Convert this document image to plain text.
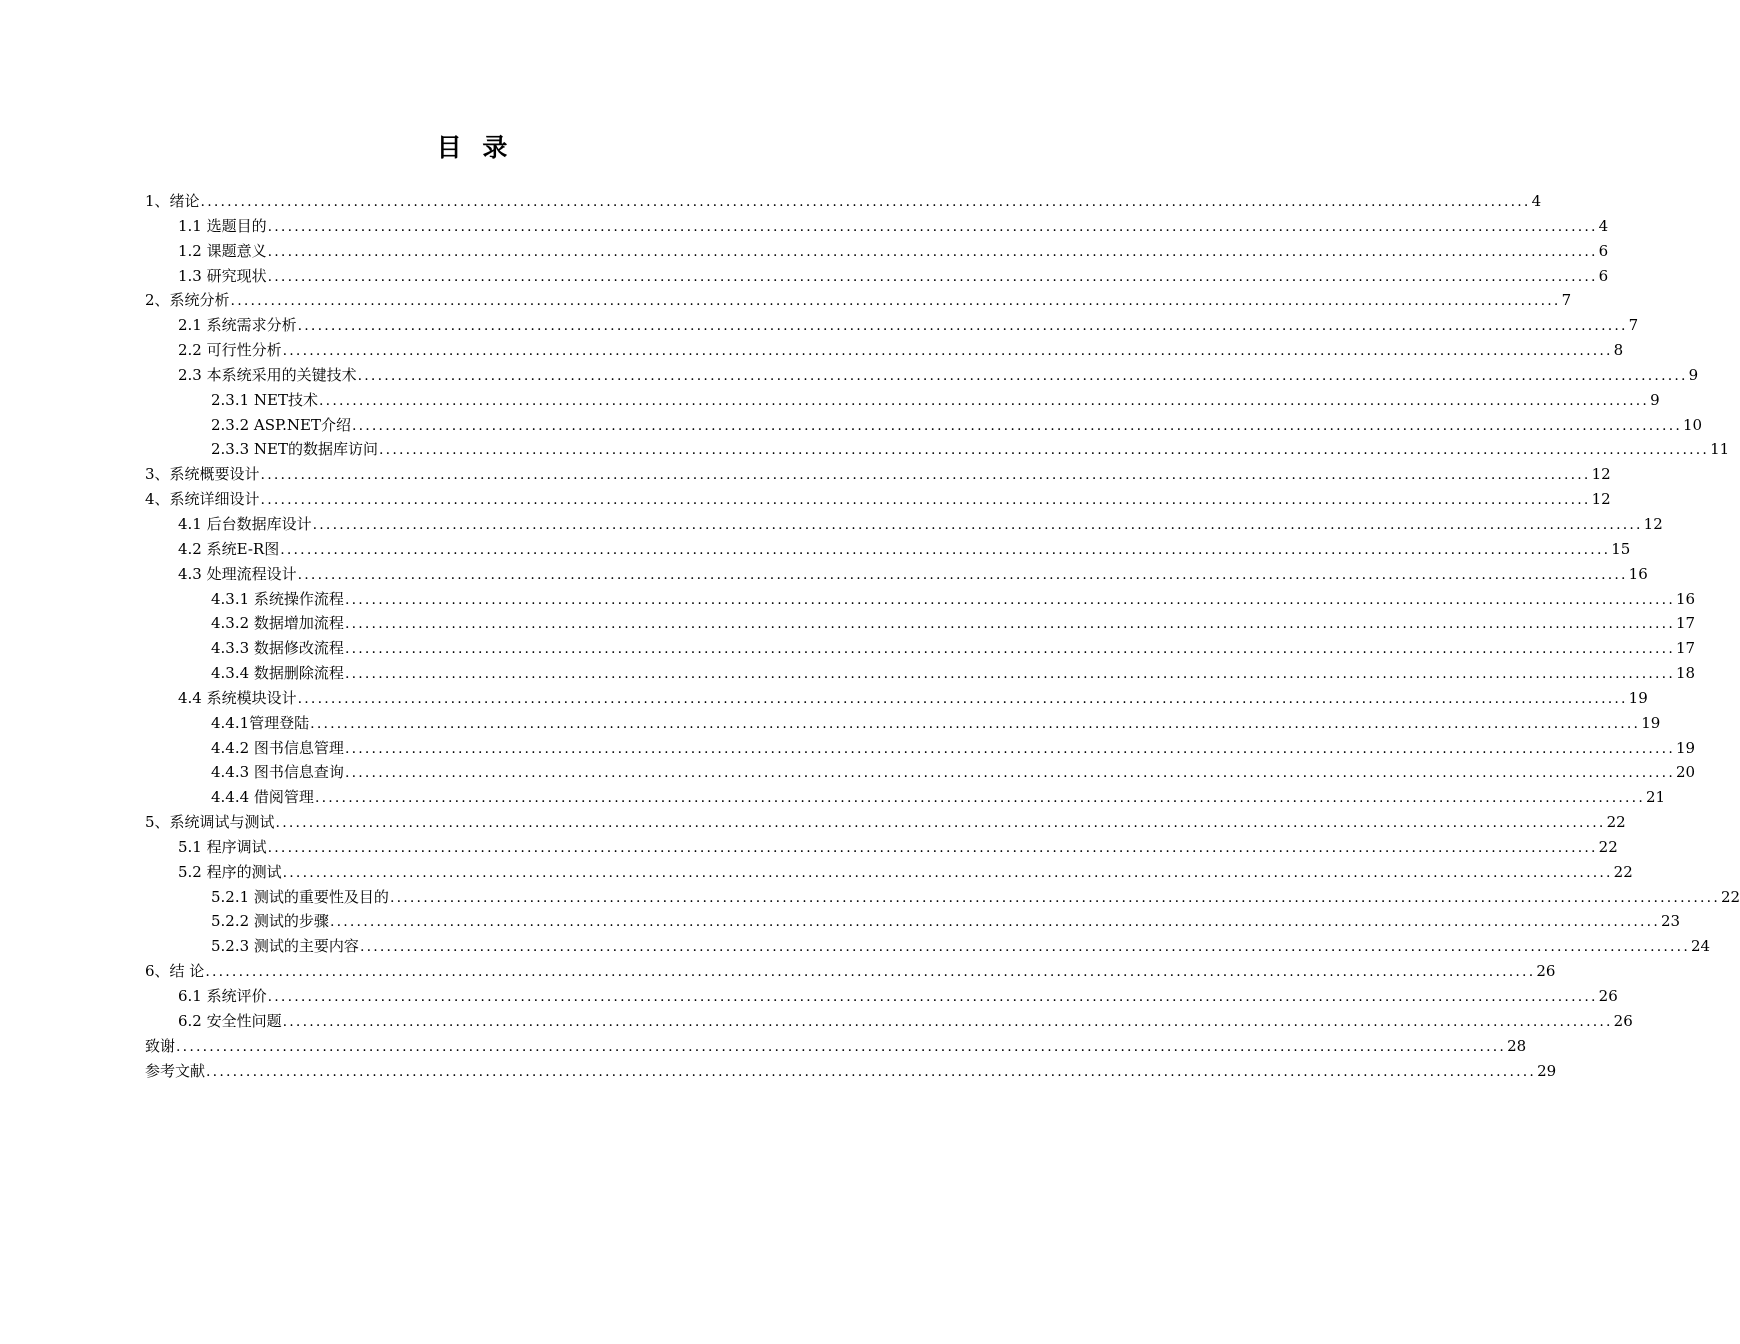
目 录
1、绪论 ........................................................................................................................................................................................................ 4
1.1 选题目的 ........................................................................................................................................................................................................ 4
1.2 课题意义 ........................................................................................................................................................................................................ 6
1.3 研究现状 ........................................................................................................................................................................................................ 6
2、系统分析 ........................................................................................................................................................................................................ 7
2.1 系统需求分析 ........................................................................................................................................................................................................ 7
2.2 可行性分析 ........................................................................................................................................................................................................ 8
2.3 本系统采用的关键技术 ........................................................................................................................................................................................................ 9
2.3.1 NET技术 ........................................................................................................................................................................................................ 9
2.3.2 ASP.NET介绍 ........................................................................................................................................................................................................ 10
2.3.3 NET的数据库访问 ........................................................................................................................................................................................................ 11
3、系统概要设计 ........................................................................................................................................................................................................ 12
4、系统详细设计 ........................................................................................................................................................................................................ 12
4.1 后台数据库设计 ........................................................................................................................................................................................................ 12
4.2 系统E-R图 ........................................................................................................................................................................................................ 15
4.3 处理流程设计 ........................................................................................................................................................................................................ 16
4.3.1 系统操作流程 ........................................................................................................................................................................................................ 16
4.3.2 数据增加流程 ........................................................................................................................................................................................................ 17
4.3.3 数据修改流程 ........................................................................................................................................................................................................ 17
4.3.4 数据删除流程 ........................................................................................................................................................................................................ 18
4.4 系统模块设计 ........................................................................................................................................................................................................ 19
4.4.1管理登陆 ........................................................................................................................................................................................................ 19
4.4.2 图书信息管理 ........................................................................................................................................................................................................ 19
4.4.3 图书信息查询 ........................................................................................................................................................................................................ 20
4.4.4 借阅管理 ........................................................................................................................................................................................................ 21
5、系统调试与测试 ........................................................................................................................................................................................................ 22
5.1 程序调试 ........................................................................................................................................................................................................ 22
5.2 程序的测试 ........................................................................................................................................................................................................ 22
5.2.1 测试的重要性及目的 ........................................................................................................................................................................................................ 22
5.2.2 测试的步骤 ........................................................................................................................................................................................................ 23
5.2.3 测试的主要内容 ........................................................................................................................................................................................................ 24
6、结 论 ........................................................................................................................................................................................................ 26
6.1 系统评价 ........................................................................................................................................................................................................ 26
6.2 安全性问题 ........................................................................................................................................................................................................ 26
致谢 ........................................................................................................................................................................................................ 28
参考文献 ........................................................................................................................................................................................................ 29
